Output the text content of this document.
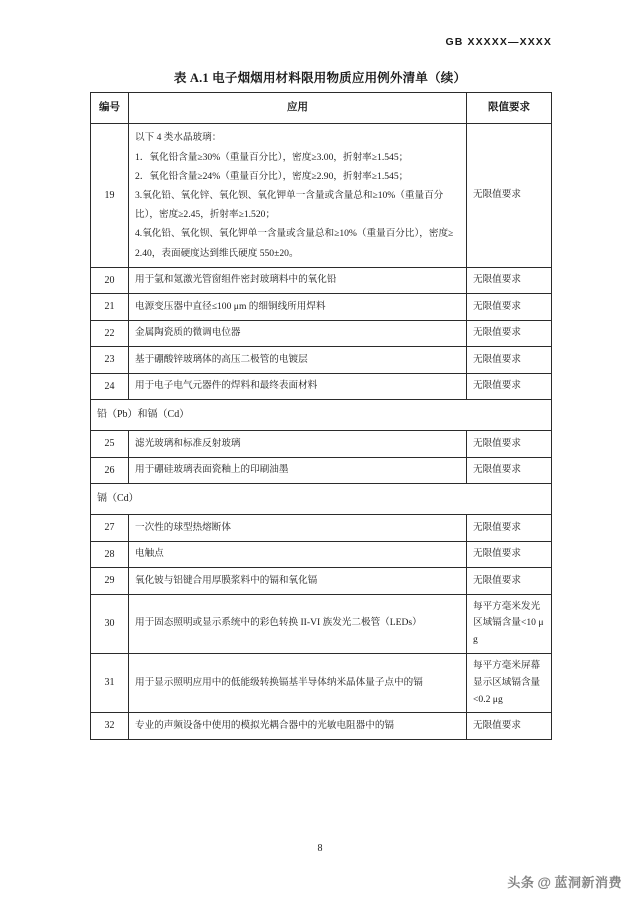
GB XXXXX—XXXX
表 A.1 电子烟烟用材料限用物质应用例外清单（续）
编号	应用	限值要求
19	以下 4 类水晶玻璃：
1．氧化铅含量≥30%（重量百分比），密度≥3.00，折射率≥1.545；
2．氧化铅含量≥24%（重量百分比），密度≥2.90，折射率≥1.545；
3.氧化铅、氧化锌、氧化钡、氧化钾单一含量或含量总和≥10%（重量百分比），密度≥2.45，折射率≥1.520；
4.氧化铅、氧化钡、氧化钾单一含量或含量总和≥10%（重量百分比），密度≥2.40，表面硬度达到维氏硬度 550±20。	无限值要求
20	用于氩和氪激光管窗组件密封玻璃料中的氧化铅	无限值要求
21	电源变压器中直径≤100 μm 的细铜线所用焊料	无限值要求
22	金属陶瓷质的微调电位器	无限值要求
23	基于硼酸锌玻璃体的高压二极管的电镀层	无限值要求
24	用于电子电气元器件的焊料和最终表面材料	无限值要求
铅（Pb）和镉（Cd）		
25	滤光玻璃和标准反射玻璃	无限值要求
26	用于硼硅玻璃表面瓷釉上的印刷油墨	无限值要求
镉（Cd）		
27	一次性的球型热熔断体	无限值要求
28	电触点	无限值要求
29	氧化铍与铝键合用厚膜浆料中的镉和氧化镉	无限值要求
30	用于固态照明或显示系统中的彩色转换 II-VI 族发光二极管（LEDs）	每平方毫米发光区域镉含量<10 μg
31	用于显示照明应用中的低能级转换镉基半导体纳米晶体量子点中的镉	每平方毫米屏幕显示区域镉含量<0.2 μg
32	专业的声频设备中使用的模拟光耦合器中的光敏电阻器中的镉	无限值要求
8
头条 @ 蓝洞新消费
